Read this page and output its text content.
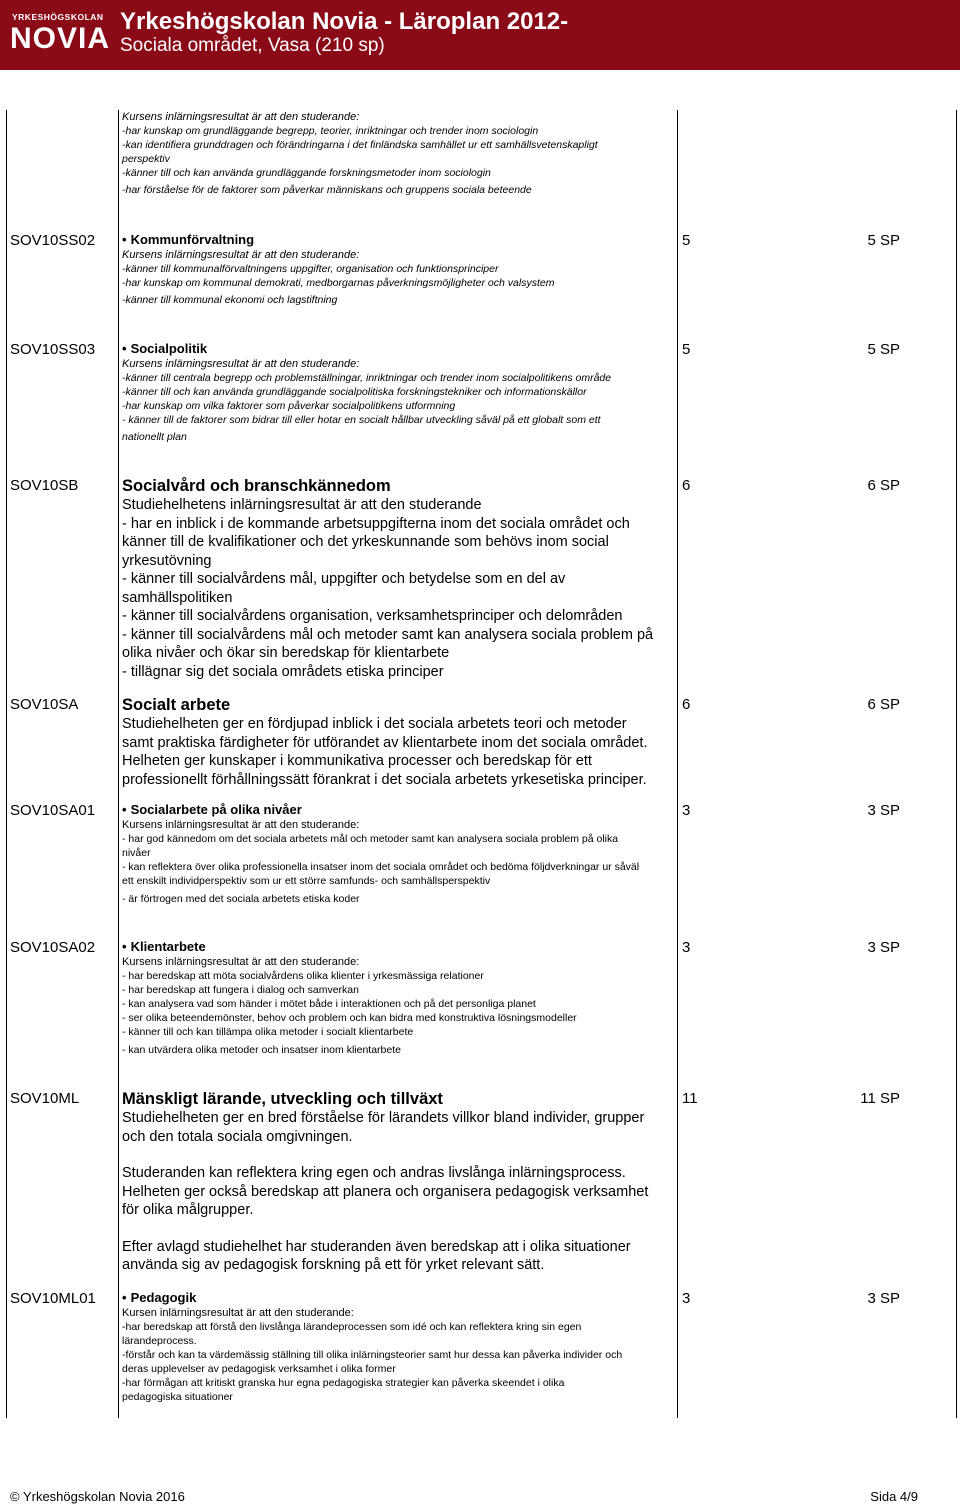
YRKESHÖGSKOLAN
NOVIA
Yrkeshögskolan Novia - Läroplan 2012-
Sociala området, Vasa (210 sp)
Kursens inlärningsresultat är att den studerande:
-har kunskap om grundläggande begrepp, teorier, inriktningar och trender inom sociologin
-kan identifiera grunddragen och förändringarna i det finländska samhället ur ett samhällsvetenskapligt
perspektiv
-känner till och kan använda grundläggande forskningsmetoder inom sociologin
-har förståelse för de faktorer som påverkar människans och gruppens sociala beteende
SOV10SS02 • Kommunförvaltning
Kursens inlärningsresultat är att den studerande:
-känner till kommunalförvaltningens uppgifter, organisation och funktionsprinciper
-har kunskap om kommunal demokrati, medborgarnas påverkningsmöjligheter och valsystem
-känner till kommunal ekonomi och lagstiftning
5	5 SP
SOV10SS03 • Socialpolitik
Kursens inlärningsresultat är att den studerande:
-känner till centrala begrepp och problemställningar, inriktningar och trender inom socialpolitikens område
-känner till och kan använda grundläggande socialpolitiska forskningstekniker och informationskällor
-har kunskap om vilka faktorer som påverkar socialpolitikens utformning
- känner till de faktorer som bidrar till eller hotar en socialt hållbar utveckling såväl på ett globalt som ett
nationellt plan
5	5 SP
SOV10SB	Socialvård och branschkännedom
Studiehelhetens inlärningsresultat är att den studerande
- har en inblick i de kommande arbetsuppgifterna inom det sociala området och
känner till de kvalifikationer och det yrkeskunnande som behövs inom social
yrkesutövning
- känner till socialvårdens mål, uppgifter och betydelse som en del av
samhällspolitiken
- känner till socialvårdens organisation, verksamhetsprinciper och delområden
- känner till socialvårdens mål och metoder samt kan analysera sociala problem på
olika nivåer och ökar sin beredskap för klientarbete
- tillägnar sig det sociala områdets etiska principer
6	6 SP
SOV10SA	Socialt arbete
Studiehelheten ger en fördjupad inblick i det sociala arbetets teori och metoder
samt praktiska färdigheter för utförandet av klientarbete inom det sociala området.
Helheten ger kunskaper i kommunikativa processer och beredskap för ett
professionellt förhållningssätt förankrat i det sociala arbetets yrkesetiska principer.
6	6 SP
SOV10SA01 • Socialarbete på olika nivåer
Kursens inlärningsresultat är att den studerande:
- har god kännedom om det sociala arbetets mål och metoder samt kan analysera sociala problem på olika
nivåer
- kan reflektera över olika professionella insatser inom det sociala området och bedöma följdverkningar ur såväl
ett enskilt individperspektiv som ur ett större samfunds- och samhällsperspektiv
- är förtrogen med det sociala arbetets etiska koder
3	3 SP
SOV10SA02 • Klientarbete
Kursens inlärningsresultat är att den studerande:
- har beredskap att möta socialvårdens olika klienter i yrkesmässiga relationer
- har beredskap att fungera i dialog och samverkan
- kan analysera vad som händer i mötet både i interaktionen och på det personliga planet
- ser olika beteendemönster, behov och problem och kan bidra med konstruktiva lösningsmodeller
- känner till och kan tillämpa olika metoder i socialt klientarbete
- kan utvärdera olika metoder och insatser inom klientarbete
3	3 SP
SOV10ML	Mänskligt lärande, utveckling och tillväxt
Studiehelheten ger en bred förståelse för lärandets villkor bland individer, grupper
och den totala sociala omgivningen.
Studeranden kan reflektera kring egen och andras livslånga inlärningsprocess.
Helheten ger också beredskap att planera och organisera pedagogisk verksamhet
för olika målgrupper.
Efter avlagd studiehelhet har studeranden även beredskap att i olika situationer
använda sig av pedagogisk forskning på ett för yrket relevant sätt.
11	11 SP
SOV10ML01 • Pedagogik
Kursen inlärningsresultat är att den studerande:
-har beredskap att förstå den livslånga lärandeprocessen som idé och kan reflektera kring sin egen
lärandeprocess.
-förstår och kan ta värdemässig ställning till olika inlärningsteorier samt hur dessa kan påverka individer och
deras upplevelser av pedagogisk verksamhet i olika former
-har förmågan att kritiskt granska hur egna pedagogiska strategier kan påverka skeendet i olika
pedagogiska situationer
3	3 SP
© Yrkeshögskolan Novia 2016	Sida 4/9
